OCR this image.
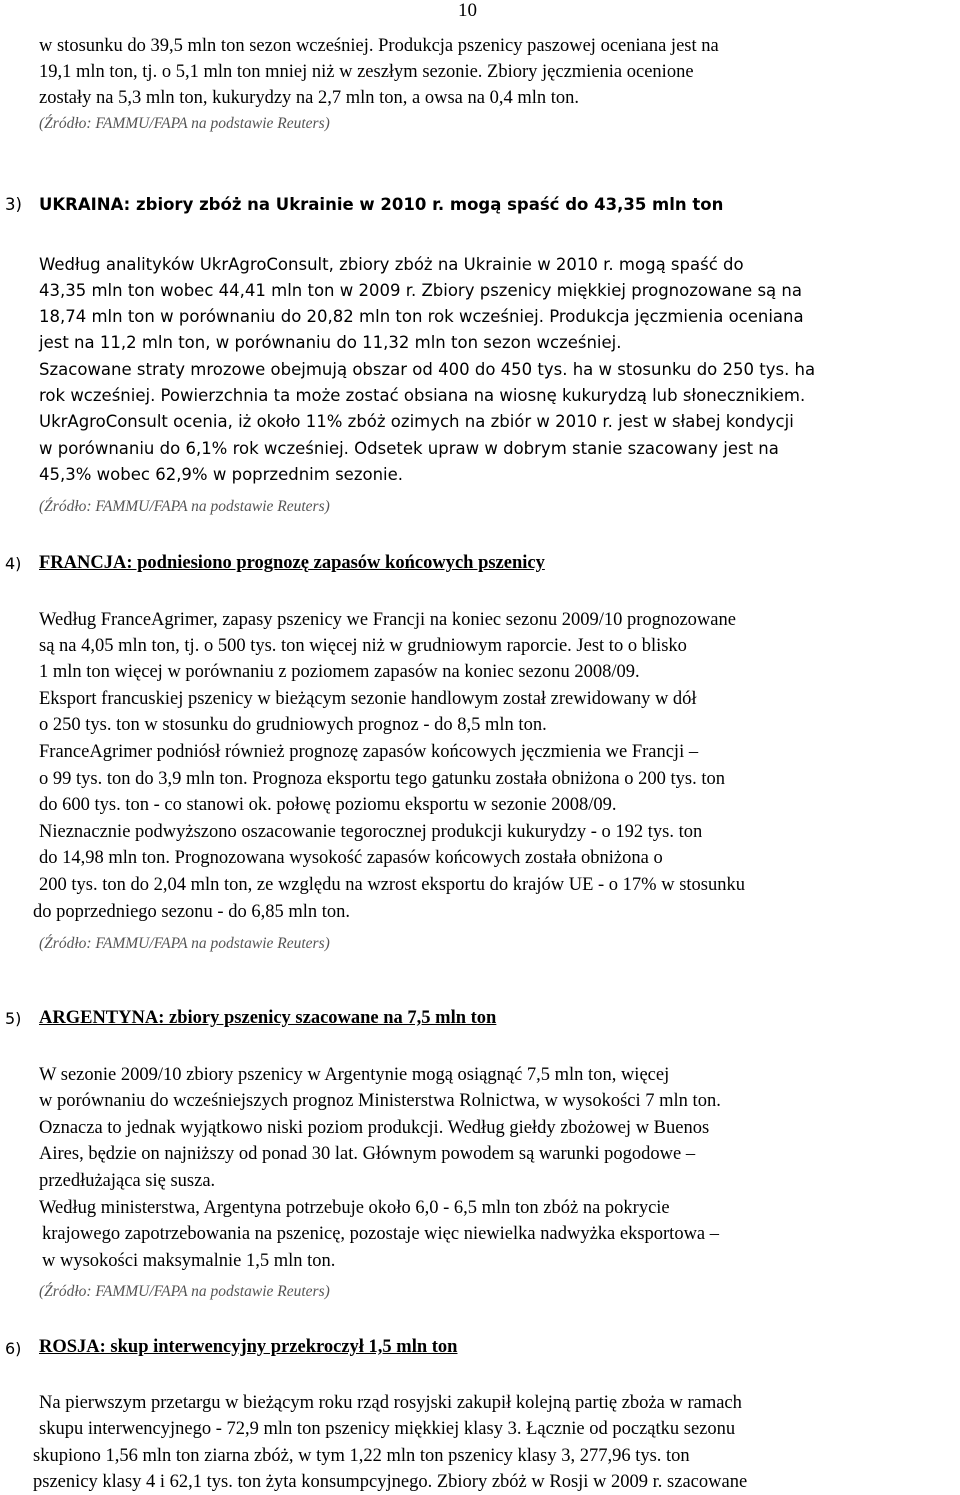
10
w stosunku do 39,5 mln ton sezon wcześniej. Produkcja pszenicy paszowej oceniana jest na
19,1 mln ton, tj. o 5,1 mln ton mniej niż w zeszłym sezonie. Zbiory jęczmienia ocenione
zostały na 5,3 mln ton, kukurydzy na 2,7 mln ton, a owsa na 0,4 mln ton.
(Źródło: FAMMU/FAPA na podstawie Reuters)
3) UKRAINA: zbiory zbóż na Ukrainie w 2010 r. mogą spaść do 43,35 mln ton
Według analityków UkrAgroConsult, zbiory zbóż na Ukrainie w 2010 r. mogą spaść do
43,35 mln ton wobec 44,41 mln ton w 2009 r. Zbiory pszenicy miękkiej prognozowane są na
18,74 mln ton w porównaniu do 20,82 mln ton rok wcześniej. Produkcja jęczmienia oceniana
jest na 11,2 mln ton, w porównaniu do 11,32 mln ton sezon wcześniej.
Szacowane straty mrozowe obejmują obszar od 400 do 450 tys. ha w stosunku do 250 tys. ha
rok wcześniej. Powierzchnia ta może zostać obsiana na wiosnę kukurydzą lub słonecznikiem.
UkrAgroConsult ocenia, iż około 11% zbóż ozimych na zbiór w 2010 r. jest w słabej kondycji
w porównaniu do 6,1% rok wcześniej. Odsetek upraw w dobrym stanie szacowany jest na
45,3% wobec 62,9% w poprzednim sezonie.
(Źródło: FAMMU/FAPA na podstawie Reuters)
4) FRANCJA: podniesiono prognozę zapasów końcowych pszenicy
Według FranceAgrimer, zapasy pszenicy we Francji na koniec sezonu 2009/10 prognozowane
są na 4,05 mln ton, tj. o 500 tys. ton więcej niż w grudniowym raporcie. Jest to o blisko
1 mln ton więcej w porównaniu z poziomem zapasów na koniec sezonu 2008/09.
Eksport francuskiej pszenicy w bieżącym sezonie handlowym został zrewidowany w dół
o 250 tys. ton w stosunku do grudniowych prognoz - do 8,5 mln ton.
FranceAgrimer podniósł również prognozę zapasów końcowych jęczmienia we Francji –
o 99 tys. ton do 3,9 mln ton. Prognoza eksportu tego gatunku została obniżona o 200 tys. ton
do 600 tys. ton - co stanowi ok. połowę poziomu eksportu w sezonie 2008/09.
Nieznacznie podwyższono oszacowanie tegorocznej produkcji kukurydzy - o 192 tys. ton
do 14,98 mln ton. Prognozowana wysokość zapasów końcowych została obniżona o
200 tys. ton do 2,04 mln ton, ze względu na wzrost eksportu do krajów UE - o 17% w stosunku
do poprzedniego sezonu - do 6,85 mln ton.
(Źródło: FAMMU/FAPA na podstawie Reuters)
5) ARGENTYNA: zbiory pszenicy szacowane na 7,5 mln ton
W sezonie 2009/10 zbiory pszenicy w Argentynie mogą osiągnąć 7,5 mln ton, więcej
w porównaniu do wcześniejszych prognoz Ministerstwa Rolnictwa, w wysokości 7 mln ton.
Oznacza to jednak wyjątkowo niski poziom produkcji. Według giełdy zbożowej w Buenos
Aires, będzie on najniższy od ponad 30 lat. Głównym powodem są warunki pogodowe –
przedłużająca się susza.
Według ministerstwa, Argentyna potrzebuje około 6,0 - 6,5 mln ton zbóż na pokrycie
krajowego zapotrzebowania na pszenicę, pozostaje więc niewielka nadwyżka eksportowa –
w wysokości maksymalnie 1,5 mln ton.
(Źródło: FAMMU/FAPA na podstawie Reuters)
6) ROSJA: skup interwencyjny przekroczył 1,5 mln ton
Na pierwszym przetargu w bieżącym roku rząd rosyjski zakupił kolejną partię zboża w ramach
skupu interwencyjnego - 72,9 mln ton pszenicy miękkiej klasy 3. Łącznie od początku sezonu
skupiono 1,56 mln ton ziarna zbóż, w tym 1,22 mln ton pszenicy klasy 3, 277,96 tys. ton
pszenicy klasy 4 i 62,1 tys. ton żyta konsumpcyjnego. Zbiory zbóż w Rosji w 2009 r. szacowane
